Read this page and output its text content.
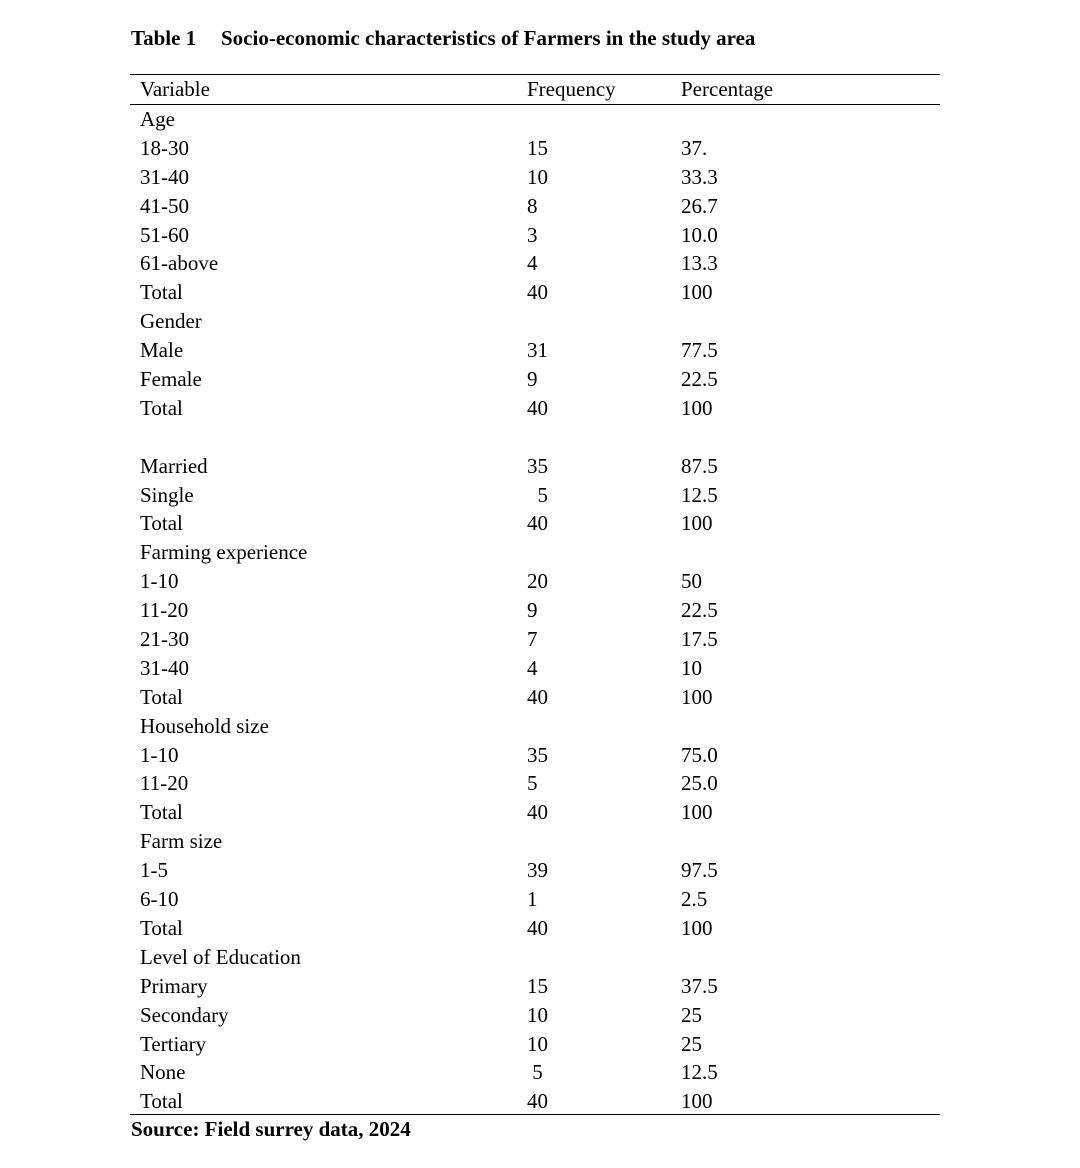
Table 1 Socio-economic characteristics of Farmers in the study area
Variable	Frequency	Percentage
Age
18-30	15	37.
31-40	10	33.3
41-50	8	26.7
51-60	3	10.0
61-above	4	13.3
Total	40	100
Gender
Male	31	77.5
Female	9	22.5
Total	40	100
Married	35	87.5
Single	5	12.5
Total	40	100
Farming experience
1-10	20	50
11-20	9	22.5
21-30	7	17.5
31-40	4	10
Total	40	100
Household size
1-10	35	75.0
11-20	5	25.0
Total	40	100
Farm size
1-5	39	97.5
6-10	1	2.5
Total	40	100
Level of Education
Primary	15	37.5
Secondary	10	25
Tertiary	10	25
None	5	12.5
Total	40	100
Source: Field surrey data, 2024
